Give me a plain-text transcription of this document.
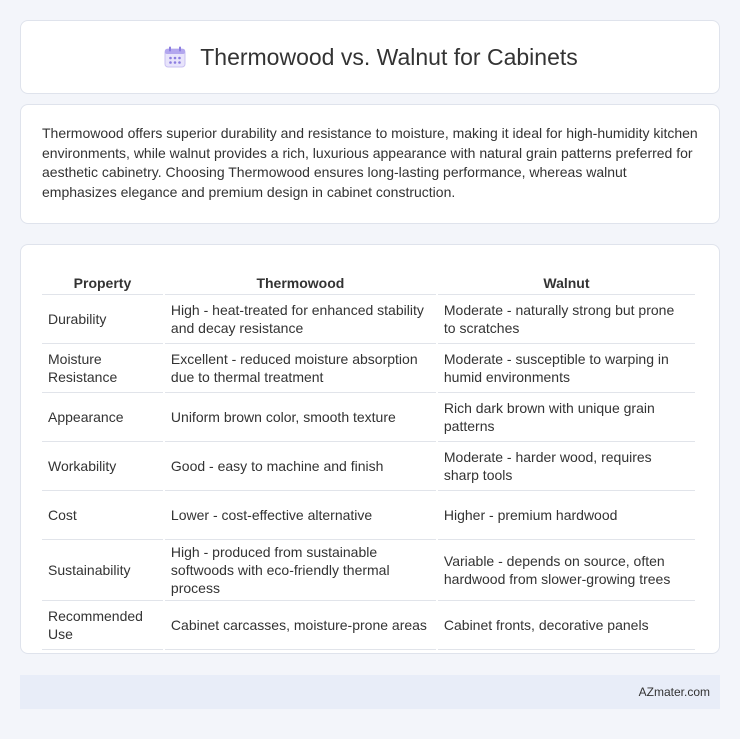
Thermowood vs. Walnut for Cabinets

Thermowood offers superior durability and resistance to moisture, making it ideal for high-humidity kitchen environments, while walnut provides a rich, luxurious appearance with natural grain patterns preferred for aesthetic cabinetry. Choosing Thermowood ensures long-lasting performance, whereas walnut emphasizes elegance and premium design in cabinet construction.

Property	Thermowood	Walnut
Durability	High - heat-treated for enhanced stability and decay resistance	Moderate - naturally strong but prone to scratches
Moisture Resistance	Excellent - reduced moisture absorption due to thermal treatment	Moderate - susceptible to warping in humid environments
Appearance	Uniform brown color, smooth texture	Rich dark brown with unique grain patterns
Workability	Good - easy to machine and finish	Moderate - harder wood, requires sharp tools
Cost	Lower - cost-effective alternative	Higher - premium hardwood
Sustainability	High - produced from sustainable softwoods with eco-friendly thermal process	Variable - depends on source, often hardwood from slower-growing trees
Recommended Use	Cabinet carcasses, moisture-prone areas	Cabinet fronts, decorative panels
AZmater.com
